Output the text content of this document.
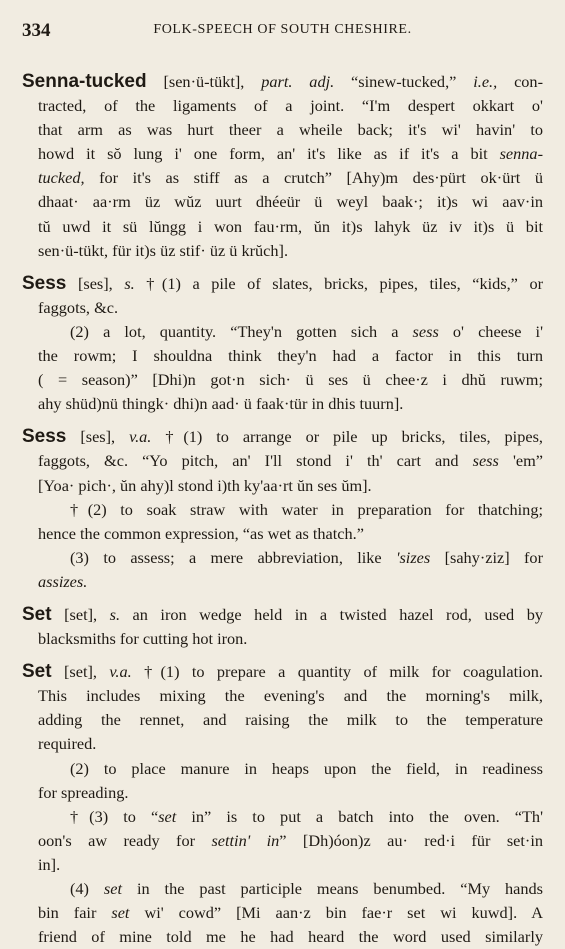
334	FOLK-SPEECH OF SOUTH CHESHIRE.
Senna-tucked [sen·ü-tükt], part. adj. “sinew-tucked,” i.e., con-
tracted, of the ligaments of a joint. “I'm despert okkart o'
that arm as was hurt theer a wheile back; it's wi' havin' to
howd it sŏ lung i' one form, an' it's like as if it's a bit senna-
tucked, for it's as stiff as a crutch” [Ahy)m des·pürt ok·ürt ü
dhaat· aa·rm üz wŭz uurt dhéeür ü weyl baak·; it)s wi aav·in
tŭ uwd it sü lŭngg i won fau·rm, ŭn it)s lahyk üz iv it)s ü bit
sen·ü-tükt, für it)s üz stif· üz ü krŭch].
Sess [ses], s. †(1) a pile of slates, bricks, pipes, tiles, “kids,” or
faggots, &c.
(2) a lot, quantity. “They'n gotten sich a sess o' cheese i'
the rowm; I shouldna think they'n had a factor in this turn
( = season)” [Dhi)n got·n sich· ü ses ü chee·z i dhŭ ruwm;
ahy shüd)nü thingk· dhi)n aad· ü faak·tür in dhis tuurn].
Sess [ses], v.a. †(1) to arrange or pile up bricks, tiles, pipes,
faggots, &c. “Yo pitch, an' I'll stond i' th' cart and sess 'em”
[Yoa· pich·, ŭn ahy)l stond i)th ky'aa·rt ŭn ses ŭm].
†(2) to soak straw with water in preparation for thatching;
hence the common expression, “as wet as thatch.”
(3) to assess; a mere abbreviation, like 'sizes [sahy·ziz] for
assizes.
Set [set], s. an iron wedge held in a twisted hazel rod, used by
blacksmiths for cutting hot iron.
Set [set], v.a. †(1) to prepare a quantity of milk for coagulation.
This includes mixing the evening's and the morning's milk,
adding the rennet, and raising the milk to the temperature
required.
(2) to place manure in heaps upon the field, in readiness
for spreading.
†(3) to “set in” is to put a batch into the oven. “Th'
oon's aw ready for settin' in” [Dh)óon)z au· red·i für set·in
in].
(4) set in the past participle means benumbed. “My hands
bin fair set wi' cowd” [Mi aan·z bin fae·r set wi kuwd]. A
friend of mine told me he had heard the word used similarly
